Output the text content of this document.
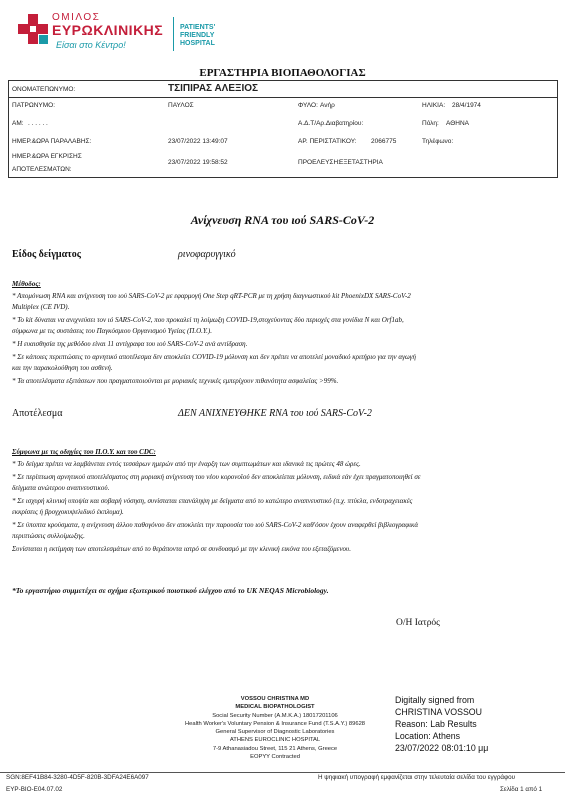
ΟΜΙΛΟΣ
ΕΥΡΩΚΛΙΝΙΚΗΣ
Είσαι στο Κέντρο!
PATIENTS'
FRIENDLY
HOSPITAL
ΕΡΓΑΣΤΗΡΙΑ ΒΙΟΠΑΘΟΛΟΓΙΑΣ
ΟΝΟΜΑΤΕΠΩΝΥΜΟ:	ΤΣΙΠΙΡΑΣ ΑΛΕΞΙΟΣ
ΠΑΤΡΩΝΥΜΟ:	ΠΑΥΛΟΣ	ΦΥΛΟ: Ανήρ	ΗΛΙΚΙΑ: 28/4/1974
ΑΜ: . . . . . .	Α.Δ.Τ/Αρ.Διαβατηρίου:	Πόλη: ΑΘΗΝΑ
ΗΜΕΡ.&ΩΡΑ ΠΑΡΑΛΑΒΗΣ:	23/07/2022 13:49:07	ΑΡ. ΠΕΡΙΣΤΑΤΙΚΟΥ: 2066775	Τηλέφωνο:
ΗΜΕΡ.&ΩΡΑ ΕΓΚΡΙΣΗΣ
ΑΠΟΤΕΛΕΣΜΑΤΩΝ:
23/07/2022 19:58:52	ΠΡΟΕΛΕΥΣΗ: ΕΞΕΤΑΣΤΗΡΙΑ
Ανίχνευση RNA του ιού SARS-CoV-2
Είδος δείγματος	ρινοφαρυγγικό
Μέθοδος:
* Απομόνωση RNA και ανίχνευση του ιού SARS-CoV-2 με εφαρμογή One Step qRT-PCR με τη χρήση διαγνωστικού kit PhoenixDX SARS-CoV-2
Multiplex (CE IVD).
* Το kit δύναται να ανιχνεύσει τον ιό SARS-CoV-2, που προκαλεί τη λοίμωξη COVID-19,στοχεύοντας δύο περιοχές στα γονίδια N και Orf1ab,
σύμφωνα με τις συστάσεις του Παγκόσμιου Οργανισμού Υγείας (Π.Ο.Υ.).
* Η ευαισθησία της μεθόδου είναι 11 αντίγραφα του ιού SARS-CoV-2 ανά αντίδραση.
* Σε κάποιες περιπτώσεις το αρνητικό αποτέλεσμα δεν αποκλείει COVID-19 μόλυνση και δεν πρέπει να αποτελεί μοναδικό κριτήριο για την αγωγή
και την παρακολούθηση του ασθενή.
* Τα αποτελέσματα εξετάσεων που πραγματοποιούνται με μοριακές τεχνικές εμπερίχουν πιθανότητα ασφαλείας >99%.
Αποτέλεσμα	ΔΕΝ ΑΝΙΧΝΕΥΘΗΚΕ RNA του ιού SARS-CoV-2
Σύμφωνα με τις οδηγίες του Π.Ο.Υ. και του CDC:
* Το δείγμα πρέπει να λαμβάνεται εντός τεσσάρων ημερών από την έναρξη των συμπτωμάτων και ιδανικά τις πρώτες 48 ώρες.
* Σε περίπτωση αρνητικού αποτελέσματος στη μοριακή ανίχνευση του νέου κορονοϊού δεν αποκλείεται μόλυνση, ειδικά εάν έχει πραγματοποιηθεί σε
δείγματα ανώτερου αναπνευστικού.
* Σε ισχυρή κλινική υποψία και σοβαρή νόσηση, συνίσταται επανάληψη με δείγματα από το κατώτερο αναπνευστικό (π.χ. πτύελα, ενδοτραχειακές
εκκρίσεις ή βρογχοκυψελιδικό έκπλυμα).
* Σε ύποπτα κρούσματα, η ανίχνευση άλλου παθογόνου δεν αποκλείει την παρουσία του ιού SARS-CoV-2 καθ'όσον έχουν αναφερθεί βιβλιογραφικά
περιπτώσεις συλλοίμωξης.
Συνίσταται η εκτίμηση των αποτελεσμάτων από το θεράποντα ιατρό σε συνδυασμό με την κλινική εικόνα του εξεταζόμενου.
*Το εργαστήριο συμμετέχει σε σχήμα εξωτερικού ποιοτικού ελέγχου από το UK NEQAS Microbiology.
Ο/Η Ιατρός
VOSSOU CHRISTINA MD
MEDICAL BIOPATHOLOGIST
Social Security Number (A.M.K.A.) 18017201106
Health Worker's Voluntary Pension & Insurance Fund (T.S.A.Y.) 89628
General Supervisor of Diagnostic Laboratories
ATHENS EUROCLINIC HOSPITAL
7-9 Athanasiadou Street, 115 21 Athens, Greece
EOPYY Contracted
Digitally signed from
CHRISTINA VOSSOU
Reason: Lab Results
Location: Athens
23/07/2022 08:01:10 μμ
SGN:8EF41B84-3280-4D5F-820B-3DFA24E6A097
EYP-BIO-E04.07.02
Η ψηφιακή υπογραφή εμφανίζεται στην τελευταία σελίδα του εγγράφου
Σελίδα 1 από 1
